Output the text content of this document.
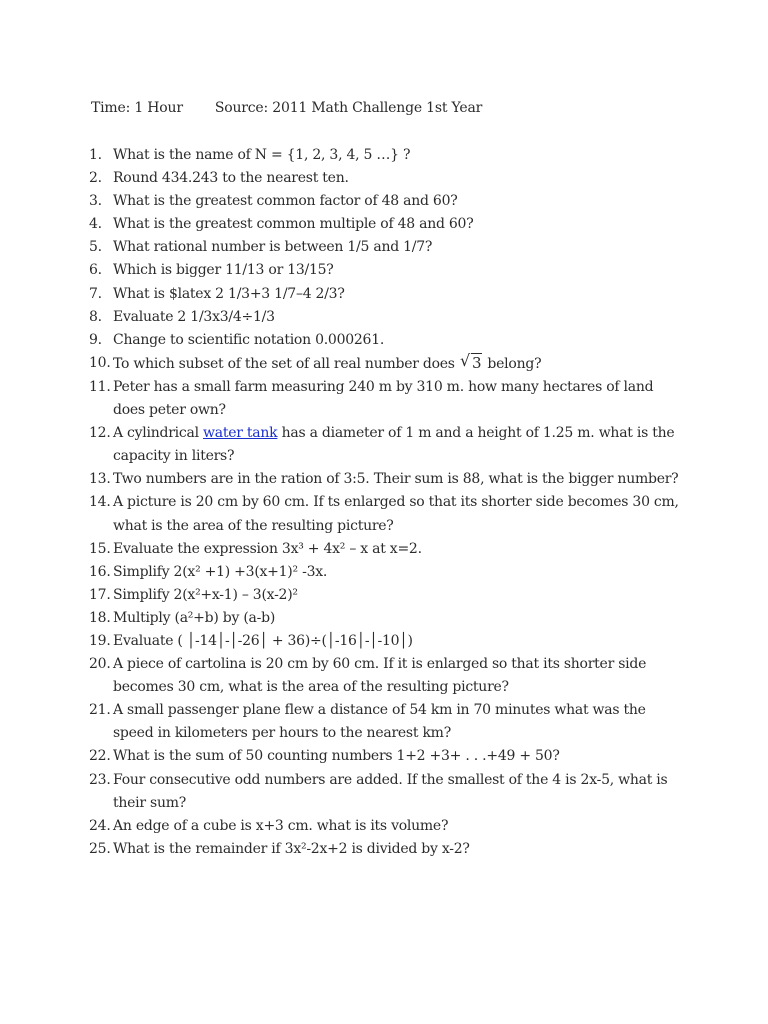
Time: 1 Hour Source: 2011 Math Challenge 1st Year
1. What is the name of N = {1, 2, 3, 4, 5 …} ?
2. Round 434.243 to the nearest ten.
3. What is the greatest common factor of 48 and 60?
4. What is the greatest common multiple of 48 and 60?
5. What rational number is between 1/5 and 1/7?
6. Which is bigger 11/13 or 13/15?
7. What is $latex 2 1/3+3 1/7–4 2/3?
8. Evaluate 2 1/3x3/4÷1/3
9. Change to scientific notation 0.000261.
10. To which subset of the set of all real number does √ 3 belong?
11. Peter has a small farm measuring 240 m by 310 m. how many hectares of land does peter own?
12. A cylindrical water tank has a diameter of 1 m and a height of 1.25 m. what is the capacity in liters?
13. Two numbers are in the ration of 3:5. Their sum is 88, what is the bigger number?
14. A picture is 20 cm by 60 cm. If ts enlarged so that its shorter side becomes 30 cm, what is the area of the resulting picture?
15. Evaluate the expression 3x³ + 4x² – x at x=2.
16. Simplify 2(x² +1) +3(x+1)² -3x.
17. Simplify 2(x²+x-1) – 3(x-2)²
18. Multiply (a²+b) by (a-b)
19. Evaluate ( │-14│-│-26│ + 36)÷(│-16│-│-10│)
20. A piece of cartolina is 20 cm by 60 cm. If it is enlarged so that its shorter side becomes 30 cm, what is the area of the resulting picture?
21. A small passenger plane flew a distance of 54 km in 70 minutes what was the speed in kilometers per hours to the nearest km?
22. What is the sum of 50 counting numbers 1+2 +3+ . . .+49 + 50?
23. Four consecutive odd numbers are added. If the smallest of the 4 is 2x-5, what is their sum?
24. An edge of a cube is x+3 cm. what is its volume?
25. What is the remainder if 3x²-2x+2 is divided by x-2?
